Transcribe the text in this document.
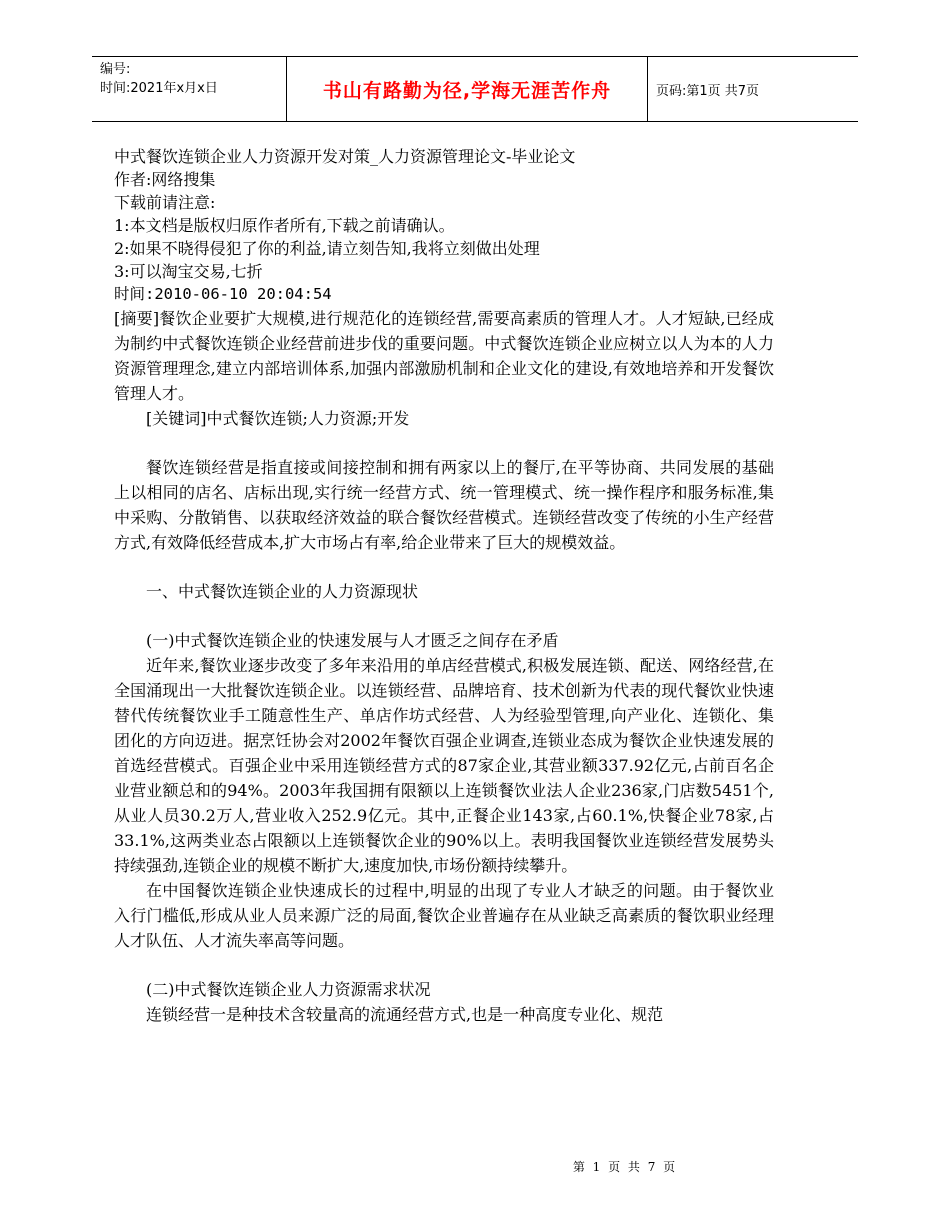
编号:
时间:2021年x月x日	书山有路勤为径,学海无涯苦作舟	页码:第1页 共7页
中式餐饮连锁企业人力资源开发对策_人力资源管理论文-毕业论文
作者:网络搜集
下载前请注意:
1:本文档是版权归原作者所有,下载之前请确认。
2:如果不晓得侵犯了你的利益,请立刻告知,我将立刻做出处理
3:可以淘宝交易,七折
时间:2010-06-10 20:04:54

[摘要]餐饮企业要扩大规模,进行规范化的连锁经营,需要高素质的管理人才。人才短缺,已经成为制约中式餐饮连锁企业经营前进步伐的重要问题。中式餐饮连锁企业应树立以人为本的人力资源管理理念,建立内部培训体系,加强内部激励机制和企业文化的建设,有效地培养和开发餐饮管理人才。

[关键词]中式餐饮连锁;人力资源;开发

餐饮连锁经营是指直接或间接控制和拥有两家以上的餐厅,在平等协商、共同发展的基础上以相同的店名、店标出现,实行统一经营方式、统一管理模式、统一操作程序和服务标准,集中采购、分散销售、以获取经济效益的联合餐饮经营模式。连锁经营改变了传统的小生产经营方式,有效降低经营成本,扩大市场占有率,给企业带来了巨大的规模效益。

一、中式餐饮连锁企业的人力资源现状

(一)中式餐饮连锁企业的快速发展与人才匮乏之间存在矛盾

近年来,餐饮业逐步改变了多年来沿用的单店经营模式,积极发展连锁、配送、网络经营,在全国涌现出一大批餐饮连锁企业。以连锁经营、品牌培育、技术创新为代表的现代餐饮业快速替代传统餐饮业手工随意性生产、单店作坊式经营、人为经验型管理,向产业化、连锁化、集团化的方向迈进。据烹饪协会对2002年餐饮百强企业调查,连锁业态成为餐饮企业快速发展的首选经营模式。百强企业中采用连锁经营方式的87家企业,其营业额337.92亿元,占前百名企业营业额总和的94%。2003年我国拥有限额以上连锁餐饮业法人企业236家,门店数5451个,从业人员30.2万人,营业收入252.9亿元。其中,正餐企业143家,占60.1%,快餐企业78家,占33.1%,这两类业态占限额以上连锁餐饮企业的90%以上。表明我国餐饮业连锁经营发展势头持续强劲,连锁企业的规模不断扩大,速度加快,市场份额持续攀升。

在中国餐饮连锁企业快速成长的过程中,明显的出现了专业人才缺乏的问题。由于餐饮业入行门槛低,形成从业人员来源广泛的局面,餐饮企业普遍存在从业缺乏高素质的餐饮职业经理人才队伍、人才流失率高等问题。

(二)中式餐饮连锁企业人力资源需求状况

连锁经营一是种技术含较量高的流通经营方式,也是一种高度专业化、规范

第 1 页 共 7 页
